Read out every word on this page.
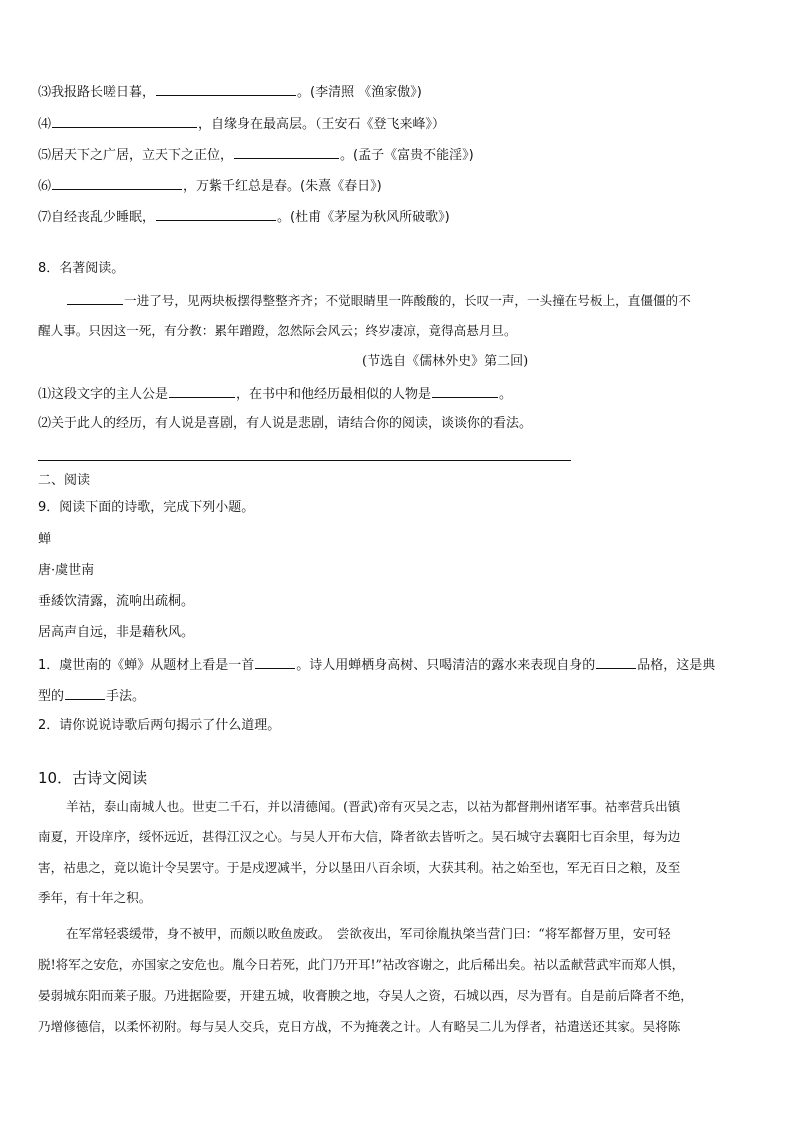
⑶我报路长嗟日暮，	。(李清照 《渔家傲》)
⑷	，自缘身在最高层。（王安石《登飞来峰》）
⑸居天下之广居，立天下之正位，	。(孟子《富贵不能淫》)
⑹	，万紫千红总是春。(朱熹《春日》)
⑺自经丧乱少睡眠，	。(杜甫《茅屋为秋风所破歌》)
8．名著阅读。
一进了号，见两块板摆得整整齐齐；不觉眼睛里一阵酸酸的，长叹一声，一头撞在号板上，直僵僵的不
醒人事。只因这一死，有分教：累年蹭蹬，忽然际会风云；终岁凄凉，竟得高悬月旦。
(节选自《儒林外史》第二回)
⑴这段文字的主人公是	，在书中和他经历最相似的人物是	。
⑵关于此人的经历，有人说是喜剧，有人说是悲剧，请结合你的阅读，谈谈你的看法。
二、阅读
9．阅读下面的诗歌，完成下列小题。
蝉
唐·虞世南
垂緌饮清露，流响出疏桐。
居高声自远，非是藉秋风。
1．虞世南的《蝉》从题材上看是一首	。诗人用蝉栖身高树、只喝清洁的露水来表现自身的	品格，这是典
型的	手法。
2．请你说说诗歌后两句揭示了什么道理。
10．古诗文阅读
羊祜，泰山南城人也。世吏二千石，并以清德闻。(晋武)帝有灭吴之志，以祜为都督荆州诸军事。祜率营兵出镇
南夏，开设庠序，绥怀远近，甚得江汉之心。与吴人开布大信，降者欲去皆听之。吴石城守去襄阳七百余里，每为边
害，祜患之，竟以诡计令吴罢守。于是戍逻减半，分以垦田八百余顷，大获其利。祜之始至也，军无百日之粮，及至
季年，有十年之积。
在军常轻裘缓带，身不被甲，而颇以畋鱼废政。　尝欲夜出，军司徐胤执棨当营门曰：“将军都督万里，安可轻
脱!将军之安危，亦国家之安危也。胤今日若死，此门乃开耳!”祜改容谢之，此后稀出矣。祜以孟献营武牢而郑人惧，
晏弱城东阳而莱子服。乃进据险要，开建五城，收膏腴之地，夺吴人之资，石城以西，尽为晋有。自是前后降者不绝，
乃增修德信，以柔怀初附。每与吴人交兵，克日方战，不为掩袭之计。人有略吴二儿为俘者，祜遣送还其家。吴将陈
